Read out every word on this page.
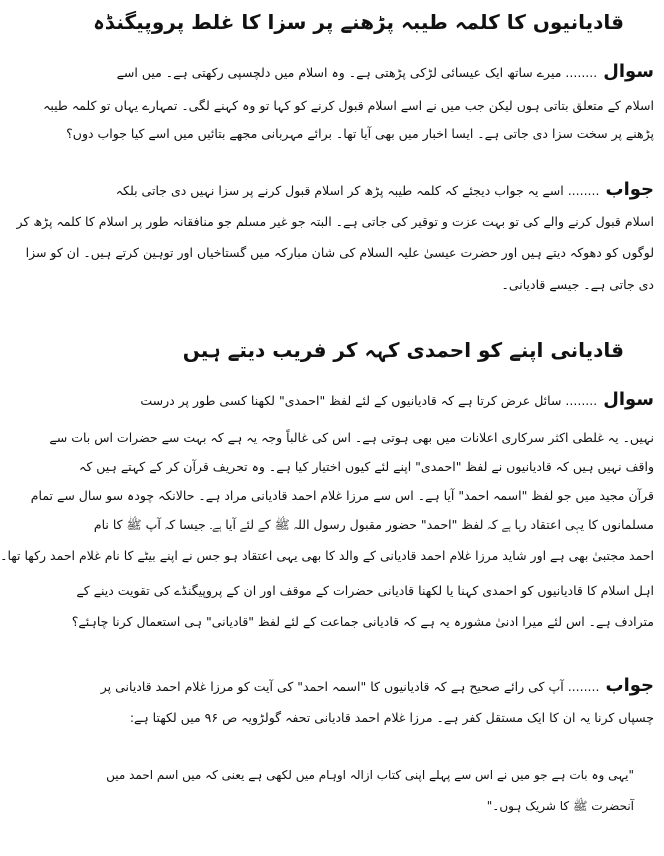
قادیانیوں کا کلمہ طیبہ پڑھنے پر سزا کا غلط پروپیگنڈہ
سوال........ میرے ساتھ ایک عیسائی لڑکی پڑھتی ہے۔ وہ اسلام میں دلچسپی رکھتی ہے۔ میں اسے
اسلام کے متعلق بتاتی ہوں لیکن جب میں نے اسے اسلام قبول کرنے کو کہا تو وہ کہنے لگی۔ تمہارے یہاں تو کلمہ طیبہ
پڑھنے پر سخت سزا دی جاتی ہے۔ ایسا اخبار میں بھی آیا تھا۔ برائے مہربانی مجھے بتائیں میں اسے کیا جواب دوں؟
جواب........ اسے یہ جواب دیجئے کہ کلمہ طیبہ پڑھ کر اسلام قبول کرنے پر سزا نہیں دی جاتی بلکہ
اسلام قبول کرنے والے کی تو بہت عزت و توقیر کی جاتی ہے۔ البتہ جو غیر مسلم جو منافقانہ طور پر اسلام کا کلمہ پڑھ کر
لوگوں کو دھوکہ دیتے ہیں اور حضرت عیسیٰ علیہ السلام کی شان مبارکہ میں گستاخیاں اور توہین کرتے ہیں۔ ان کو سزا
دی جاتی ہے۔ جیسے قادیانی۔
قادیانی اپنے کو احمدی کہہ کر فریب دیتے ہیں
سوال........ سائل عرض کرتا ہے کہ قادیانیوں کے لئے لفظ "احمدی" لکھنا کسی طور پر درست
نہیں۔ یہ غلطی اکثر سرکاری اعلانات میں بھی ہوتی ہے۔ اس کی غالباً وجہ یہ ہے کہ بہت سے حضرات اس بات سے
واقف نہیں ہیں کہ قادیانیوں نے لفظ "احمدی" اپنے لئے کیوں اختیار کیا ہے۔ وہ تحریف قرآن کر کے کہتے ہیں کہ
قرآن مجید میں جو لفظ "اسمہ احمد" آیا ہے۔ اس سے مرزا غلام احمد قادیانی مراد ہے۔ حالانکہ چودہ سو سال سے تمام
مسلمانوں کا یہی اعتقاد رہا ہے کہ لفظ "احمد" حضور مقبول رسول اللہ ﷺ کے لئے آیا ہے۔ جیسا کہ آپ ﷺ کا نام
احمد مجتبیٰ بھی ہے اور شاید مرزا غلام احمد قادیانی کے والد کا بھی یہی اعتقاد ہو جس نے اپنے بیٹے کا نام غلام احمد رکھا تھا۔
اہل اسلام کا قادیانیوں کو احمدی کہنا یا لکھنا قادیانی حضرات کے موقف اور ان کے پروپیگنڈے کی تقویت دینے کے
مترادف ہے۔ اس لئے میرا ادنیٰ مشورہ یہ ہے کہ قادیانی جماعت کے لئے لفظ "قادیانی" ہی استعمال کرنا چاہئے؟
جواب........ آپ کی رائے صحیح ہے کہ قادیانیوں کا "اسمہ احمد" کی آیت کو مرزا غلام احمد قادیانی پر
چسپاں کرنا یہ ان کا ایک مستقل کفر ہے۔ مرزا غلام احمد قادیانی تحفہ گولڑویہ ص ۹۶ میں لکھتا ہے:
"یہی وہ بات ہے جو میں نے اس سے پہلے اپنی کتاب ازالہ اوہام میں لکھی ہے یعنی کہ میں اسم احمد میں
آنحضرت ﷺ کا شریک ہوں۔"
